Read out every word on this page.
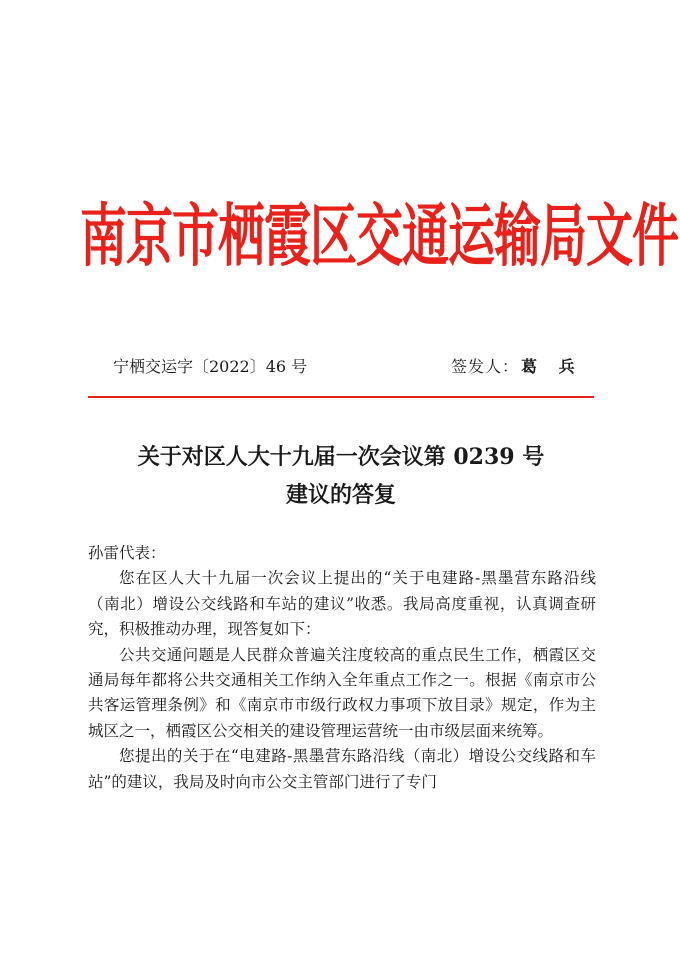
南京市栖霞区交通运输局文件
宁栖交运字〔2022〕46 号	签发人： 葛 兵
关于对区人大十九届一次会议第 0239 号
建议的答复

孙雷代表：

您在区人大十九届一次会议上提出的“关于电建路-黑墨营东路沿线（南北）增设公交线路和车站的建议”收悉。我局高度重视，认真调查研究，积极推动办理，现答复如下：

公共交通问题是人民群众普遍关注度较高的重点民生工作，栖霞区交通局每年都将公共交通相关工作纳入全年重点工作之一。根据《南京市公共客运管理条例》和《南京市市级行政权力事项下放目录》规定，作为主城区之一，栖霞区公交相关的建设管理运营统一由市级层面来统筹。

您提出的关于在“电建路-黑墨营东路沿线（南北）增设公交线路和车站”的建议，我局及时向市公交主管部门进行了专门
